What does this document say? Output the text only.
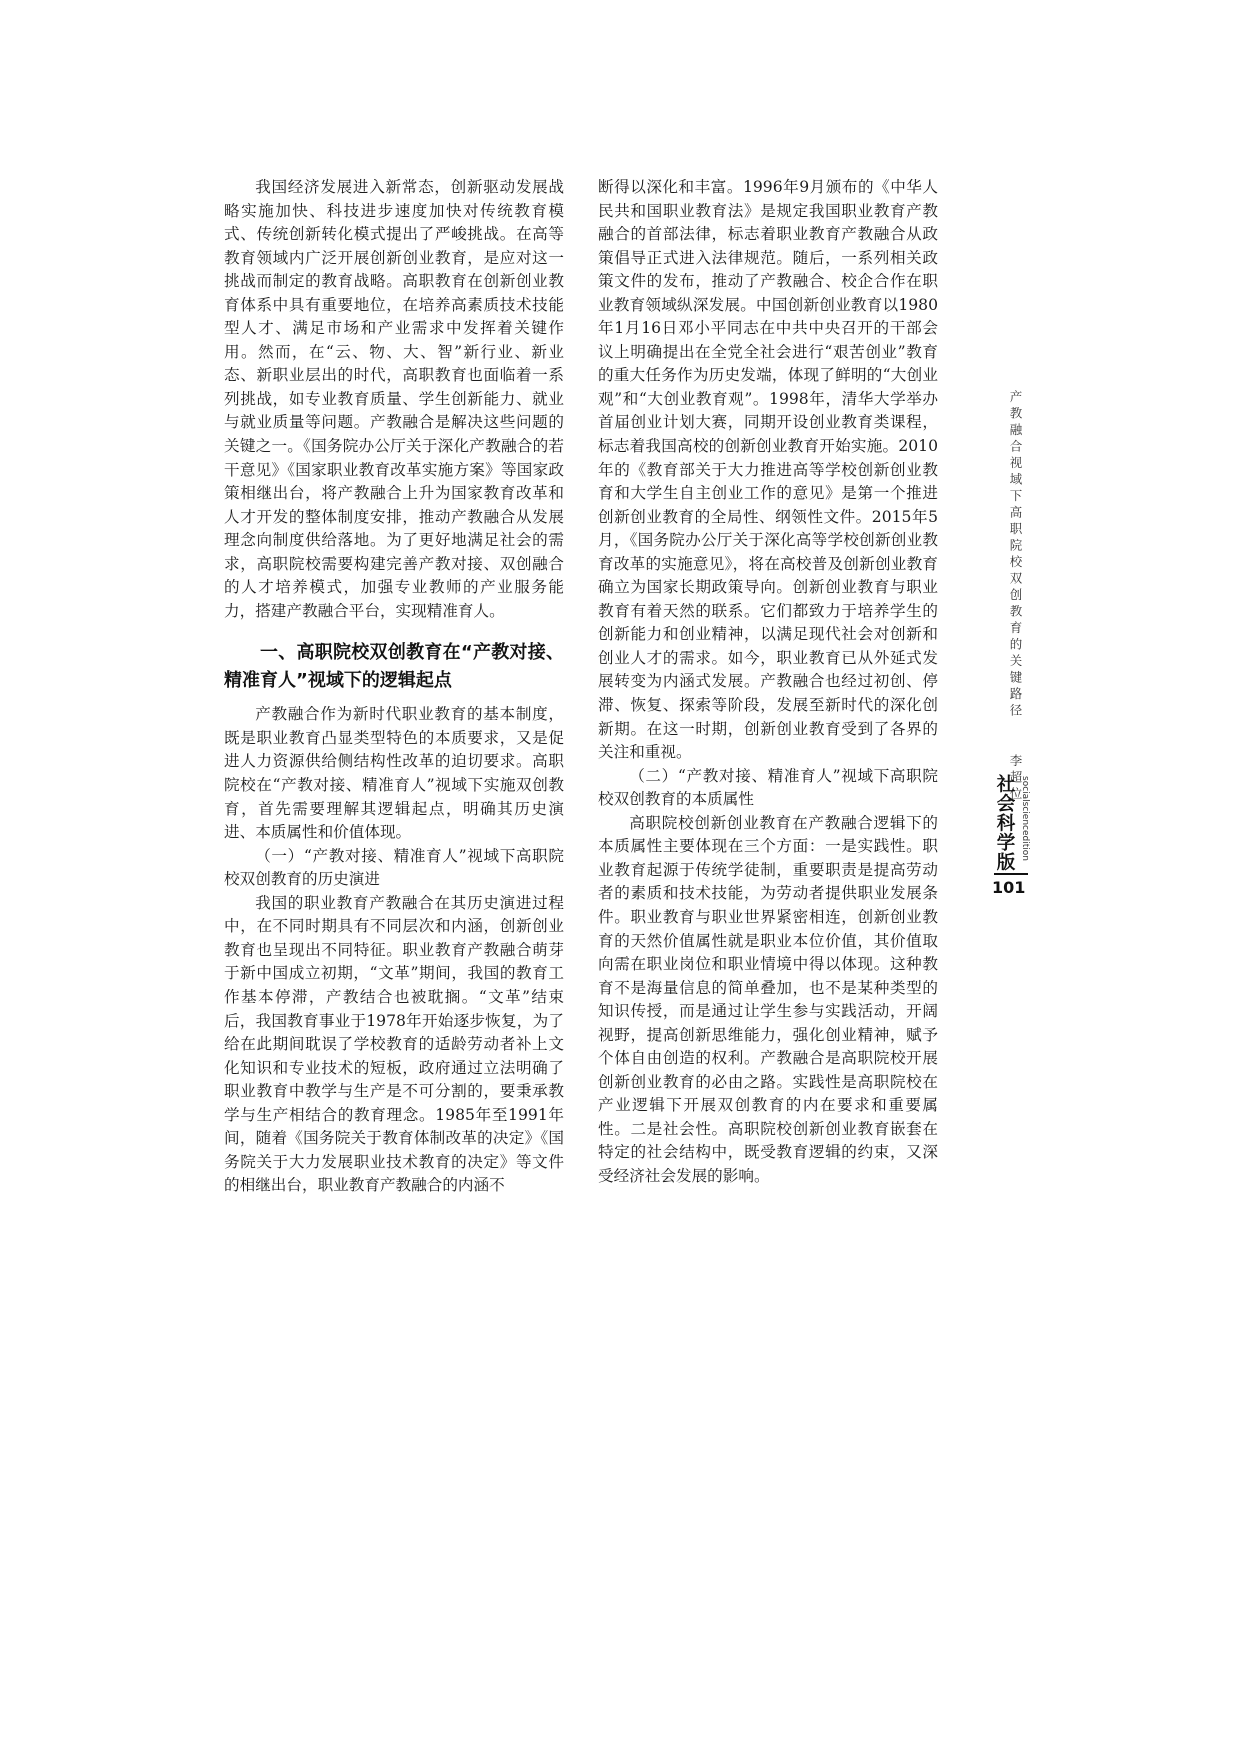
我国经济发展进入新常态，创新驱动发展战略实施加快、科技进步速度加快对传统教育模式、传统创新转化模式提出了严峻挑战。在高等教育领域内广泛开展创新创业教育，是应对这一挑战而制定的教育战略。高职教育在创新创业教育体系中具有重要地位，在培养高素质技术技能型人才、满足市场和产业需求中发挥着关键作用。然而，在“云、物、大、智”新行业、新业态、新职业层出的时代，高职教育也面临着一系列挑战，如专业教育质量、学生创新能力、就业与就业质量等问题。产教融合是解决这些问题的关键之一。《国务院办公厅关于深化产教融合的若干意见》《国家职业教育改革实施方案》等国家政策相继出台，将产教融合上升为国家教育改革和人才开发的整体制度安排，推动产教融合从发展理念向制度供给落地。为了更好地满足社会的需求，高职院校需要构建完善产教对接、双创融合的人才培养模式，加强专业教师的产业服务能力，搭建产教融合平台，实现精准育人。

一、高职院校双创教育在“产教对接、精准育人”视域下的逻辑起点

产教融合作为新时代职业教育的基本制度，既是职业教育凸显类型特色的本质要求，又是促进人力资源供给侧结构性改革的迫切要求。高职院校在“产教对接、精准育人”视域下实施双创教育，首先需要理解其逻辑起点，明确其历史演进、本质属性和价值体现。

（一）“产教对接、精准育人”视域下高职院校双创教育的历史演进

我国的职业教育产教融合在其历史演进过程中，在不同时期具有不同层次和内涵，创新创业教育也呈现出不同特征。职业教育产教融合萌芽于新中国成立初期，“文革”期间，我国的教育工作基本停滞，产教结合也被耽搁。“文革”结束后，我国教育事业于1978年开始逐步恢复，为了给在此期间耽误了学校教育的适龄劳动者补上文化知识和专业技术的短板，政府通过立法明确了职业教育中教学与生产是不可分割的，要秉承教学与生产相结合的教育理念。1985年至1991年间，随着《国务院关于教育体制改革的决定》《国务院关于大力发展职业技术教育的决定》等文件的相继出台，职业教育产教融合的内涵不

断得以深化和丰富。1996年9月颁布的《中华人民共和国职业教育法》是规定我国职业教育产教融合的首部法律，标志着职业教育产教融合从政策倡导正式进入法律规范。随后，一系列相关政策文件的发布，推动了产教融合、校企合作在职业教育领域纵深发展。中国创新创业教育以1980年1月16日邓小平同志在中共中央召开的干部会议上明确提出在全党全社会进行“艰苦创业”教育的重大任务作为历史发端，体现了鲜明的“大创业观”和“大创业教育观”。1998年，清华大学举办首届创业计划大赛，同期开设创业教育类课程，标志着我国高校的创新创业教育开始实施。2010年的《教育部关于大力推进高等学校创新创业教育和大学生自主创业工作的意见》是第一个推进创新创业教育的全局性、纲领性文件。2015年5月，《国务院办公厅关于深化高等学校创新创业教育改革的实施意见》，将在高校普及创新创业教育确立为国家长期政策导向。创新创业教育与职业教育有着天然的联系。它们都致力于培养学生的创新能力和创业精神，以满足现代社会对创新和创业人才的需求。如今，职业教育已从外延式发展转变为内涵式发展。产教融合也经过初创、停滞、恢复、探索等阶段，发展至新时代的深化创新期。在这一时期，创新创业教育受到了各界的关注和重视。

（二）“产教对接、精准育人”视域下高职院校双创教育的本质属性

高职院校创新创业教育在产教融合逻辑下的本质属性主要体现在三个方面：一是实践性。职业教育起源于传统学徒制，重要职责是提高劳动者的素质和技术技能，为劳动者提供职业发展条件。职业教育与职业世界紧密相连，创新创业教育的天然价值属性就是职业本位价值，其价值取向需在职业岗位和职业情境中得以体现。这种教育不是海量信息的简单叠加，也不是某种类型的知识传授，而是通过让学生参与实践活动，开阔视野，提高创新思维能力，强化创业精神，赋予个体自由创造的权利。产教融合是高职院校开展创新创业教育的必由之路。实践性是高职院校在产业逻辑下开展双创教育的内在要求和重要属性。二是社会性。高职院校创新创业教育嵌套在特定的社会结构中，既受教育逻辑的约束，又深受经济社会发展的影响。

产教融合视域下高职院校双创教育的关键路径 李超位
社会科学版 socialsciencedition
101
